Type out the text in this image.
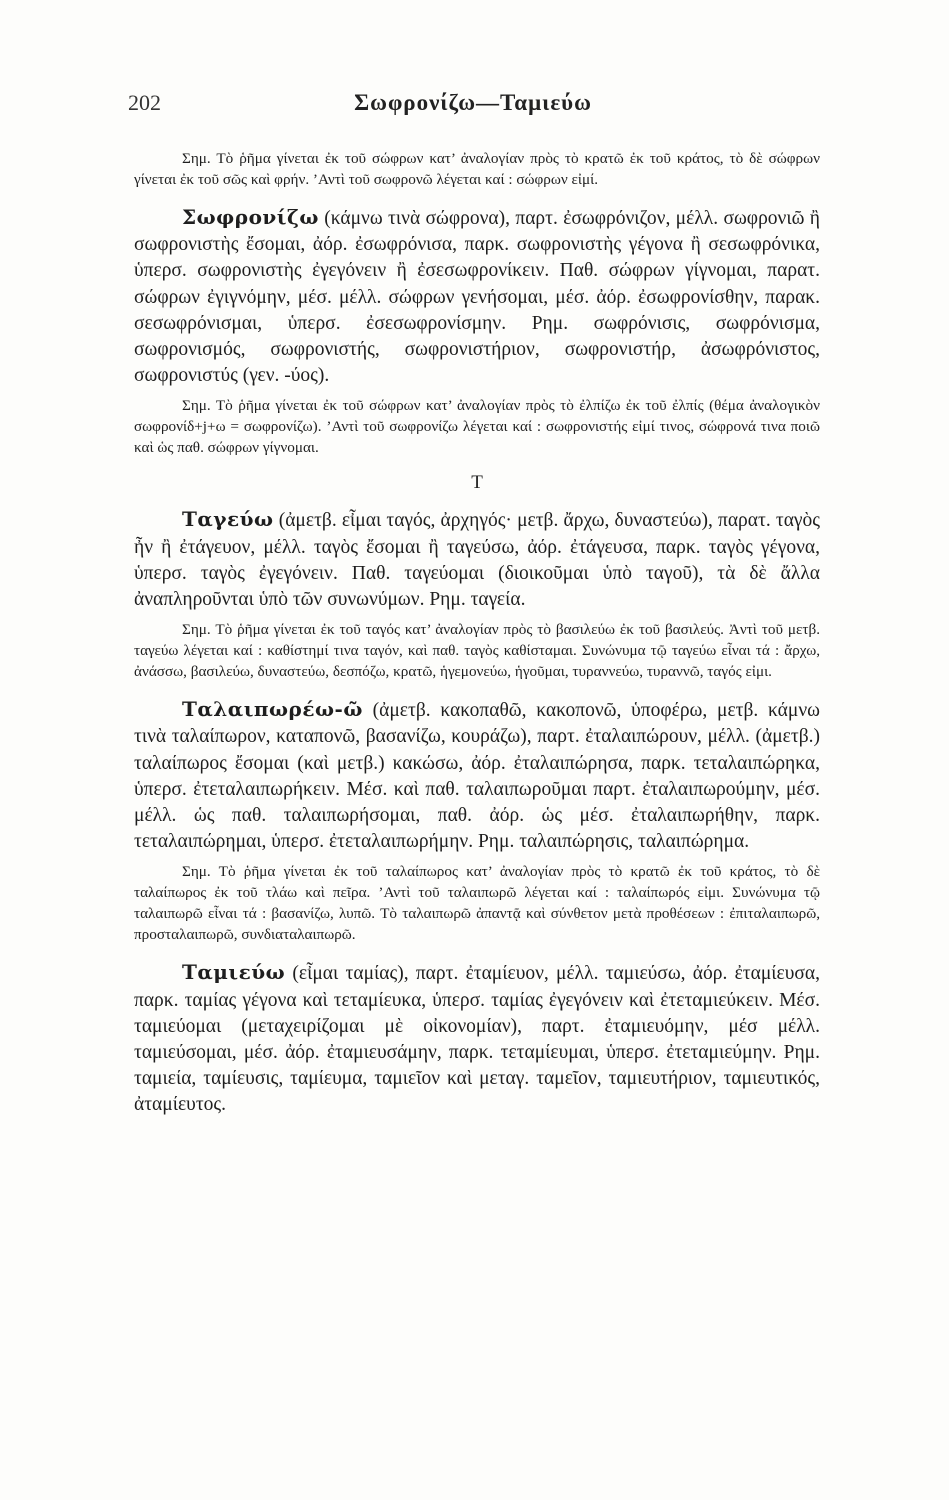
202	Σωφρονίζω—Ταμιεύω

Σημ. Τὸ ῥῆμα γίνεται ἐκ τοῦ σώφρων κατ’ ἀναλογίαν πρὸς τὸ κρατῶ ἐκ τοῦ κράτος, τὸ δὲ σώφρων γίνεται ἐκ τοῦ σῶς καὶ φρήν. ’Αντὶ τοῦ σωφρονῶ λέγεται καί : σώφρων εἰμί.

Σωφρονίζω (κάμνω τινὰ σώφρονα), παρτ. ἐσωφρόνιζον, μέλλ. σωφρονιῶ ἢ σωφρονιστὴς ἔσομαι, ἀόρ. ἐσωφρόνισα, παρκ. σωφρονιστὴς γέγονα ἢ σεσωφρόνικα, ὑπερσ. σωφρονιστὴς ἐγεγόνειν ἢ ἐσεσωφρονίκειν. Παθ. σώφρων γίγνομαι, παρατ. σώφρων ἐγιγνόμην, μέσ. μέλλ. σώφρων γενήσομαι, μέσ. ἀόρ. ἐσωφρονίσθην, παρακ. σεσωφρόνισμαι, ὑπερσ. ἐσεσωφρονίσμην. Ρημ. σωφρόνισις, σωφρόνισμα, σωφρονισμός, σωφρονιστής, σωφρονιστήριον, σωφρονιστήρ, ἀσωφρόνιστος, σωφρονιστύς (γεν. -ύος).

Σημ. Τὸ ῥῆμα γίνεται ἐκ τοῦ σώφρων κατ’ ἀναλογίαν πρὸς τὸ ἐλπίζω ἐκ τοῦ ἐλπίς (θέμα ἀναλογικὸν σωφρονίδ+j+ω = σωφρονίζω). ’Αντὶ τοῦ σωφρονίζω λέγεται καί : σωφρονιστής εἰμί τινος, σώφρονά τινα ποιῶ καὶ ὡς παθ. σώφρων γίγνομαι.

Τ

Ταγεύω (ἀμετβ. εἶμαι ταγός, ἀρχηγός· μετβ. ἄρχω, δυναστεύω), παρατ. ταγὸς ἦν ἢ ἐτάγευον, μέλλ. ταγὸς ἔσομαι ἢ ταγεύσω, ἀόρ. ἐτάγευσα, παρκ. ταγὸς γέγονα, ὑπερσ. ταγὸς ἐγεγόνειν. Παθ. ταγεύομαι (διοικοῦμαι ὑπὸ ταγοῦ), τὰ δὲ ἄλλα ἀναπληροῦνται ὑπὸ τῶν συνωνύμων. Ρημ. ταγεία.

Σημ. Τὸ ῥῆμα γίνεται ἐκ τοῦ ταγός κατ’ ἀναλογίαν πρὸς τὸ βασιλεύω ἐκ τοῦ βασιλεύς. Ἀντὶ τοῦ μετβ. ταγεύω λέγεται καί : καθίστημί τινα ταγόν, καὶ παθ. ταγὸς καθίσταμαι. Συνώνυμα τῷ ταγεύω εἶναι τά : ἄρχω, ἀνάσσω, βασιλεύω, δυναστεύω, δεσπόζω, κρατῶ, ἡγεμονεύω, ἡγοῦμαι, τυραννεύω, τυραννῶ, ταγός εἰμι.

Ταλαιπωρέω-ῶ (ἀμετβ. κακοπαθῶ, κακοπονῶ, ὑποφέρω, μετβ. κάμνω τινὰ ταλαίπωρον, καταπονῶ, βασανίζω, κουράζω), παρτ. ἐταλαιπώρουν, μέλλ. (ἀμετβ.) ταλαίπωρος ἔσομαι (καὶ μετβ.) κακώσω, ἀόρ. ἐταλαιπώρησα, παρκ. τεταλαιπώρηκα, ὑπερσ. ἐτεταλαιπωρήκειν. Μέσ. καὶ παθ. ταλαιπωροῦμαι παρτ. ἐταλαιπωρούμην, μέσ. μέλλ. ὡς παθ. ταλαιπωρήσομαι, παθ. ἀόρ. ὡς μέσ. ἐταλαιπωρήθην, παρκ. τεταλαιπώρημαι, ὑπερσ. ἐτεταλαιπωρήμην. Ρημ. ταλαιπώρησις, ταλαιπώρημα.

Σημ. Τὸ ῥῆμα γίνεται ἐκ τοῦ ταλαίπωρος κατ’ ἀναλογίαν πρὸς τὸ κρατῶ ἐκ τοῦ κράτος, τὸ δὲ ταλαίπωρος ἐκ τοῦ τλάω καὶ πεῖρα. ’Αντὶ τοῦ ταλαιπωρῶ λέγεται καί : ταλαίπωρός εἰμι. Συνώνυμα τῷ ταλαιπωρῶ εἶναι τά : βασανίζω, λυπῶ. Τὸ ταλαιπωρῶ ἀπαντᾷ καὶ σύνθετον μετὰ προθέσεων : ἐπιταλαιπωρῶ, προσταλαιπωρῶ, συνδιαταλαιπωρῶ.

Ταμιεύω (εἶμαι ταμίας), παρτ. ἐταμίευον, μέλλ. ταμιεύσω, ἀόρ. ἐταμίευσα, παρκ. ταμίας γέγονα καὶ τεταμίευκα, ὑπερσ. ταμίας ἐγεγόνειν καὶ ἐτεταμιεύκειν. Μέσ. ταμιεύομαι (μεταχειρίζομαι μὲ οἰκονομίαν), παρτ. ἐταμιευόμην, μέσ μέλλ. ταμιεύσομαι, μέσ. ἀόρ. ἐταμιευσάμην, παρκ. τεταμίευμαι, ὑπερσ. ἐτεταμιεύμην. Ρημ. ταμιεία, ταμίευσις, ταμίευμα, ταμιεῖον καὶ μεταγ. ταμεῖον, ταμιευτήριον, ταμιευτικός, ἀταμίευτος.
